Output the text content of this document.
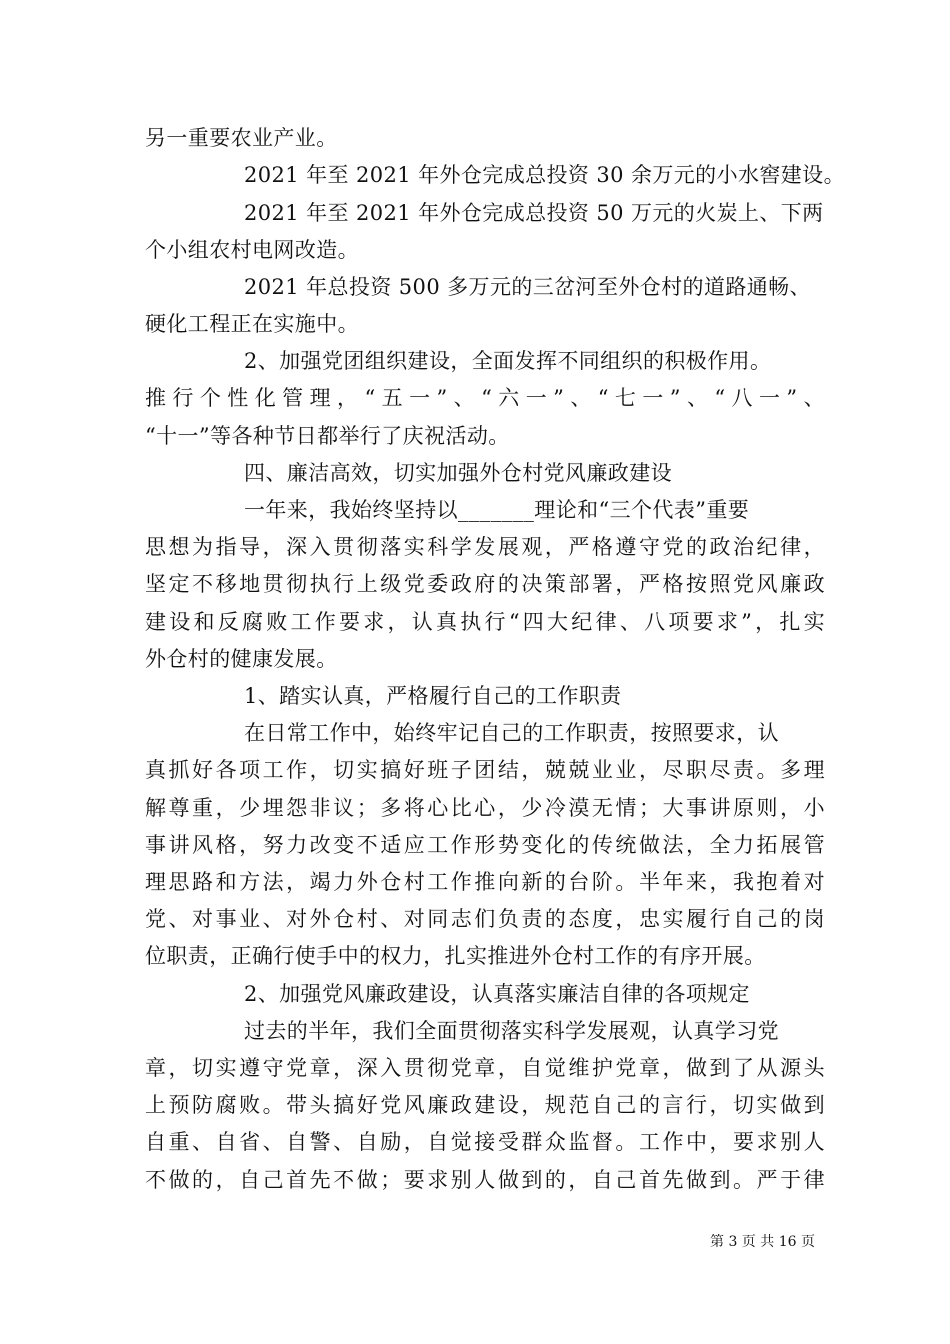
另一重要农业产业。
2021 年至 2021 年外仓完成总投资 30 余万元的小水窖建设。
2021 年至 2021 年外仓完成总投资 50 万元的火炭上、下两
个小组农村电网改造。
2021 年总投资 500 多万元的三岔河至外仓村的道路通畅、
硬化工程正在实施中。
2、加强党团组织建设，全面发挥不同组织的积极作用。
推行个性化管理，“五一”、“六一”、“七一”、“八一”、
“十一”等各种节日都举行了庆祝活动。
四、廉洁高效，切实加强外仓村党风廉政建设
一年来，我始终坚持以_______理论和“三个代表”重要
思想为指导，深入贯彻落实科学发展观，严格遵守党的政治纪律，
坚定不移地贯彻执行上级党委政府的决策部署，严格按照党风廉政
建设和反腐败工作要求，认真执行“四大纪律、八项要求”，扎实
外仓村的健康发展。
1、踏实认真，严格履行自己的工作职责
在日常工作中，始终牢记自己的工作职责，按照要求，认
真抓好各项工作，切实搞好班子团结，兢兢业业，尽职尽责。多理
解尊重，少埋怨非议；多将心比心，少冷漠无情；大事讲原则，小
事讲风格，努力改变不适应工作形势变化的传统做法，全力拓展管
理思路和方法，竭力外仓村工作推向新的台阶。半年来，我抱着对
党、对事业、对外仓村、对同志们负责的态度，忠实履行自己的岗
位职责，正确行使手中的权力，扎实推进外仓村工作的有序开展。
2、加强党风廉政建设，认真落实廉洁自律的各项规定
过去的半年，我们全面贯彻落实科学发展观，认真学习党
章，切实遵守党章，深入贯彻党章，自觉维护党章，做到了从源头
上预防腐败。带头搞好党风廉政建设，规范自己的言行，切实做到
自重、自省、自警、自励，自觉接受群众监督。工作中，要求别人
不做的，自己首先不做；要求别人做到的，自己首先做到。严于律
第 3 页 共 16 页
